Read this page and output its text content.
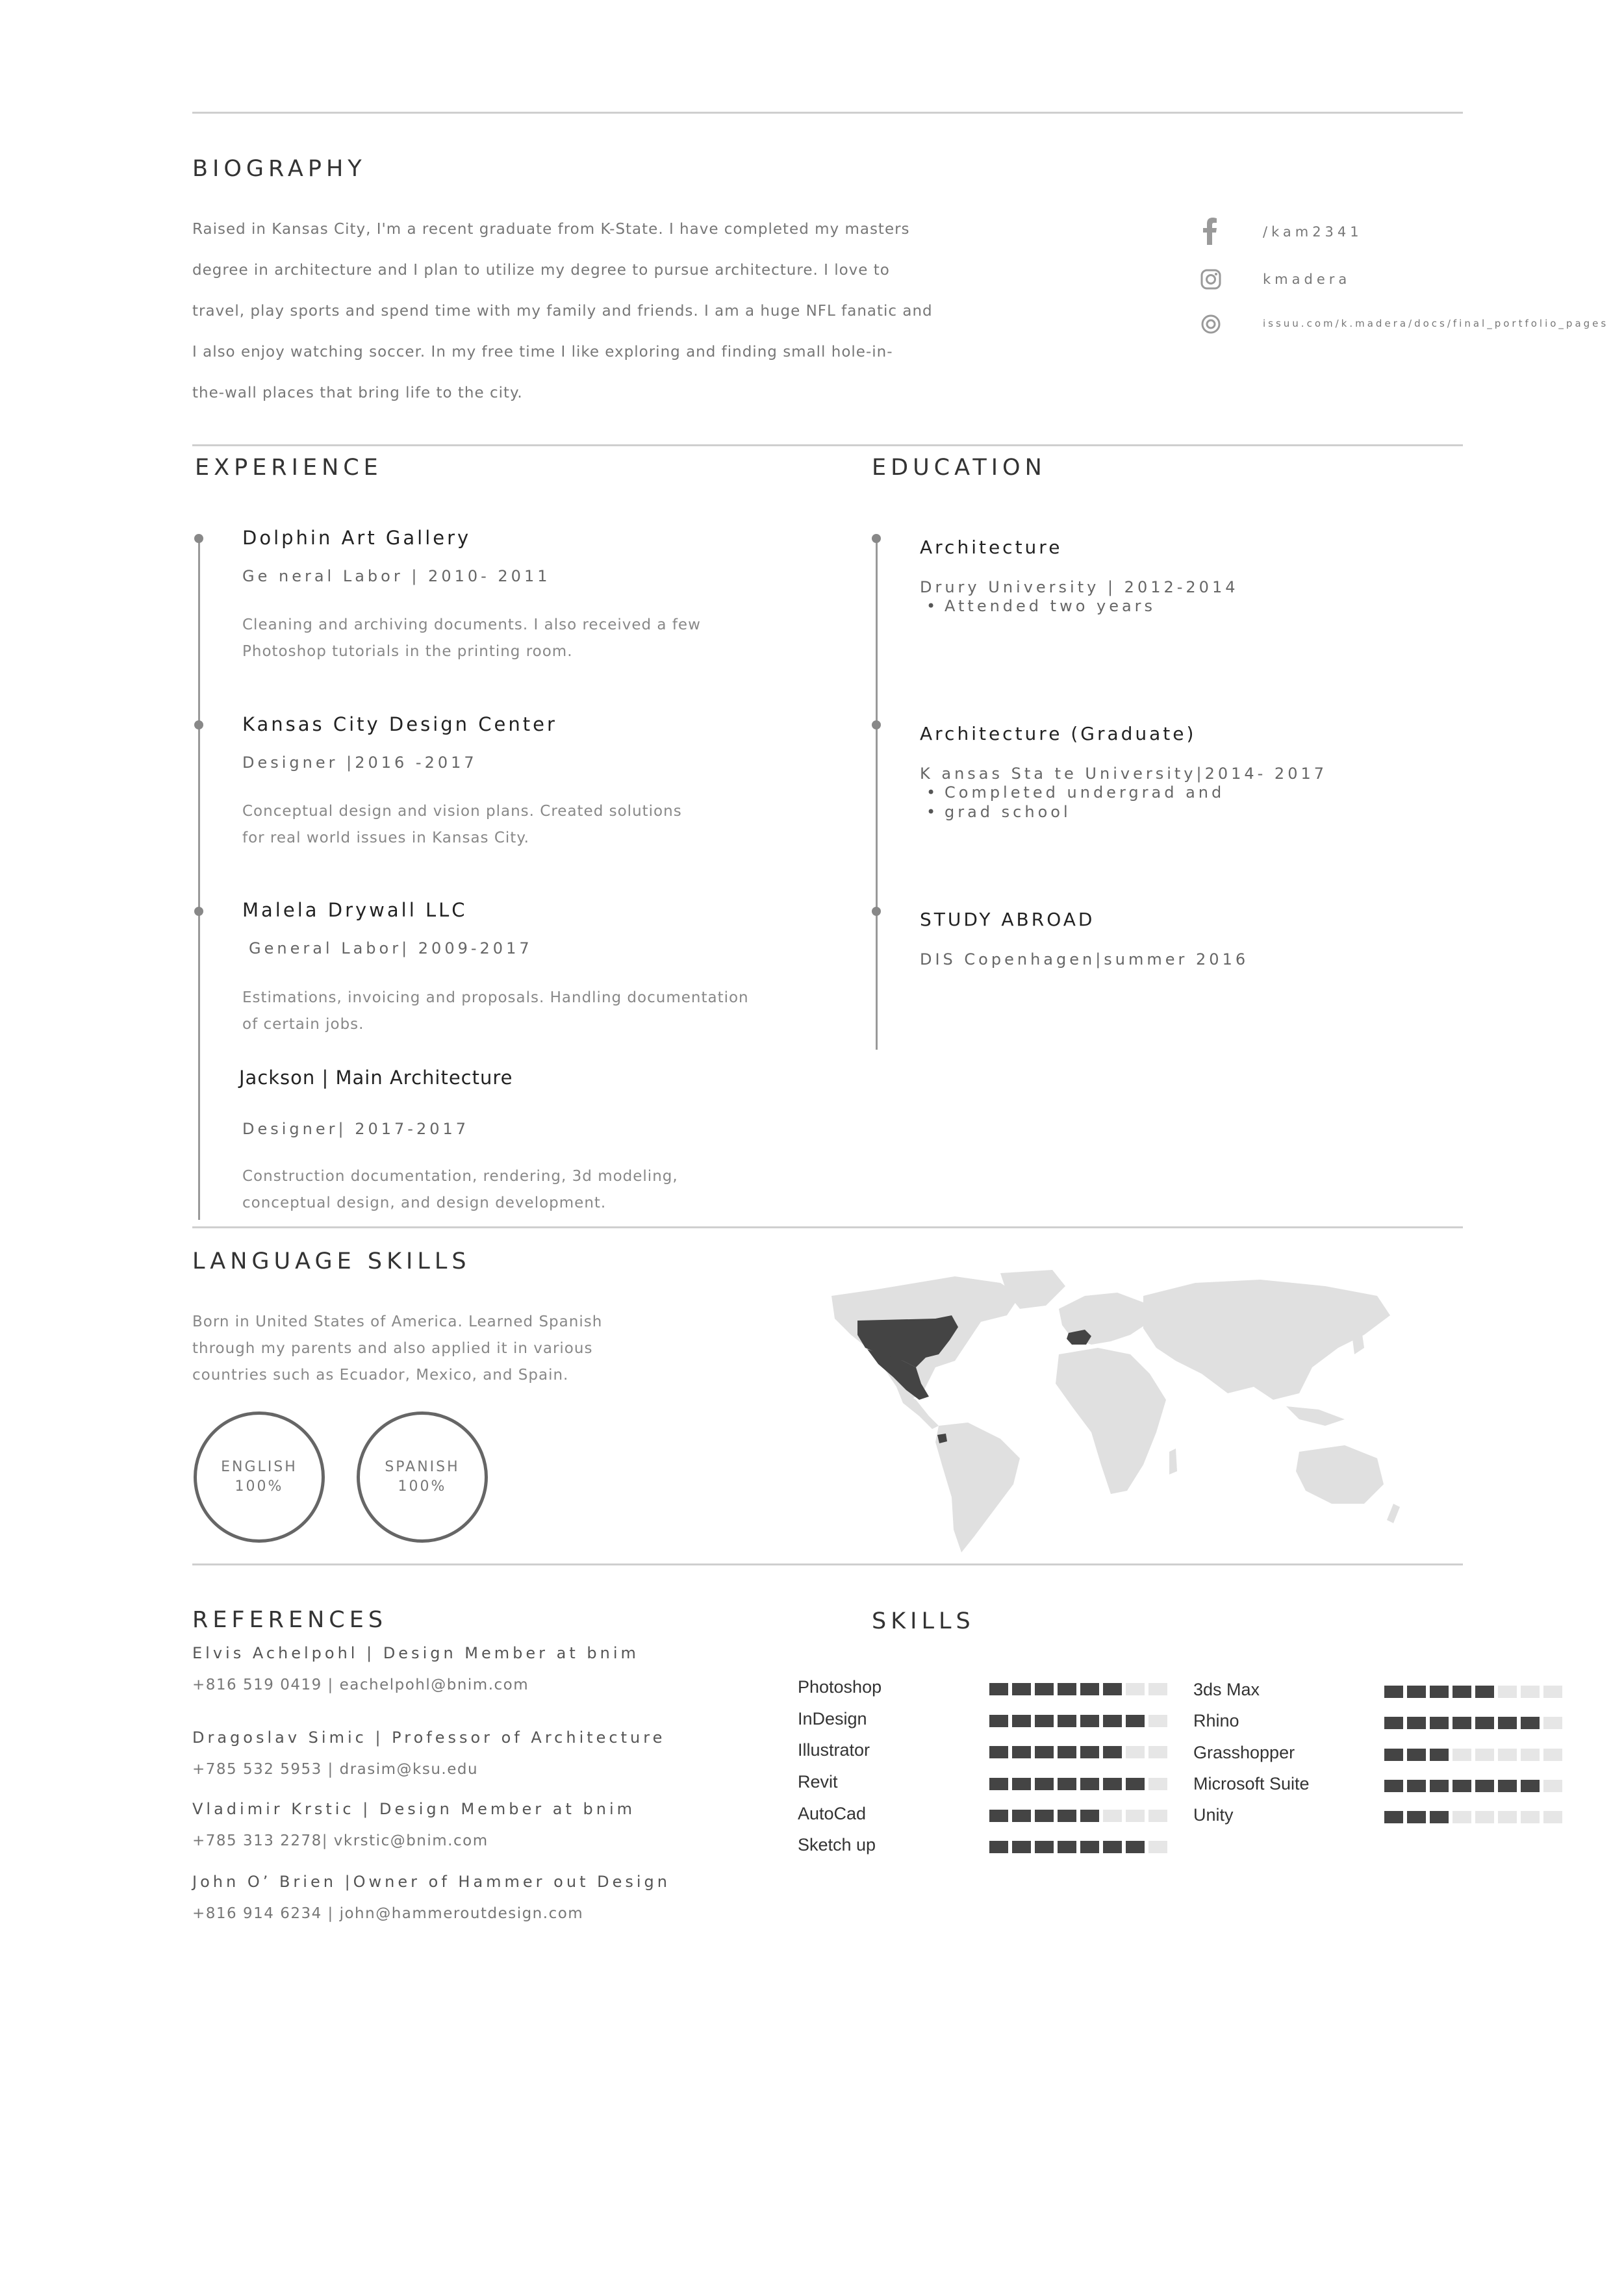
BIOGRAPHY
Raised in Kansas City, I'm a recent graduate from K-State. I have completed my masters
degree in architecture and I plan to utilize my degree to pursue architecture. I love to
travel, play sports and spend time with my family and friends. I am a huge NFL fanatic and
I also enjoy watching soccer. In my free time I like exploring and finding small hole-in-
the-wall places that bring life to the city.
/kam2341
kmadera
issuu.com/k.madera/docs/final_portfolio_pages
EXPERIENCE
Dolphin Art Gallery
Ge neral Labor | 2010- 2011
Cleaning and archiving documents. I also received a few
Photoshop tutorials in the printing room.
Kansas City Design Center
Designer |2016 -2017
Conceptual design and vision plans. Created solutions
for real world issues in Kansas City.
Malela Drywall LLC
General Labor| 2009-2017
Estimations, invoicing and proposals. Handling documentation
of certain jobs.
Jackson | Main Architecture
Designer| 2017-2017
Construction documentation, rendering, 3d modeling,
conceptual design, and design development.
EDUCATION
Architecture
Drury University | 2012-2014
• Attended two years
Architecture (Graduate)
K ansas Sta te University|2014- 2017
• Completed undergrad and
• grad school
STUDY ABROAD
DIS Copenhagen|summer 2016
LANGUAGE SKILLS
Born in United States of America. Learned Spanish
through my parents and also applied it in various
countries such as Ecuador, Mexico, and Spain.
ENGLISH
100%
SPANISH
100%
REFERENCES
Elvis Achelpohl | Design Member at bnim
+816 519 0419 | eachelpohl@bnim.com
Dragoslav Simic | Professor of Architecture
+785 532 5953 | drasim@ksu.edu
Vladimir Krstic | Design Member at bnim
+785 313 2278| vkrstic@bnim.com
John O’ Brien |Owner of Hammer out Design
+816 914 6234 | john@hammeroutdesign.com
SKILLS
Photoshop
InDesign
Illustrator
Revit
AutoCad
Sketch up
3ds Max
Rhino
Grasshopper
Microsoft Suite
Unity
